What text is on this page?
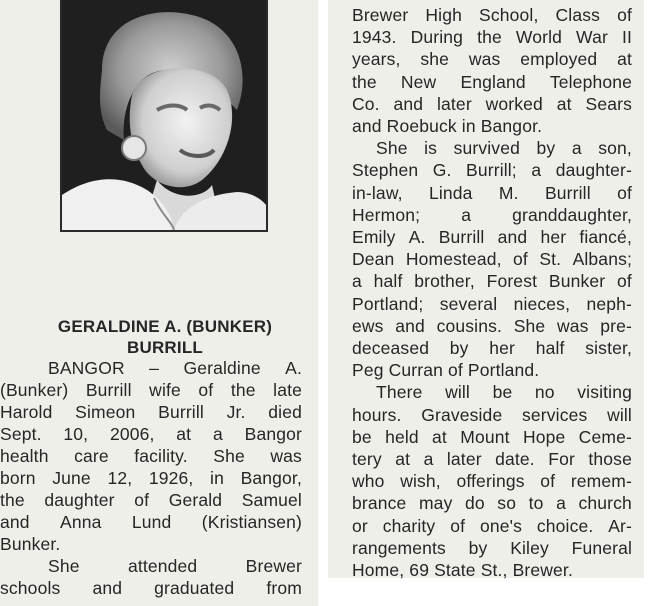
GERALDINE A. (BUNKER)
BURRILL
BANGOR – Geraldine A.
(Bunker) Burrill wife of the late
Harold Simeon Burrill Jr. died
Sept. 10, 2006, at a Bangor
health care facility. She was
born June 12, 1926, in Bangor,
the daughter of Gerald Samuel
and Anna Lund (Kristiansen)
Bunker.
She	attended	Brewer
schools and graduated from
Brewer High School, Class of
1943. During the World War II
years, she was employed at
the New England Telephone
Co. and later worked at Sears
and Roebuck in Bangor.
She is survived by a son,
Stephen G. Burrill; a daughter-
in-law, Linda M. Burrill of
Hermon; a granddaughter,
Emily A. Burrill and her fiancé,
Dean Homestead, of St. Albans;
a half brother, Forest Bunker of
Portland; several nieces, neph-
ews and cousins. She was pre-
deceased by her half sister,
Peg Curran of Portland.
There will be no visiting
hours. Graveside services will
be held at Mount Hope Ceme-
tery at a later date. For those
who wish, offerings of remem-
brance may do so to a church
or charity of one's choice. Ar-
rangements by Kiley Funeral
Home, 69 State St., Brewer.
